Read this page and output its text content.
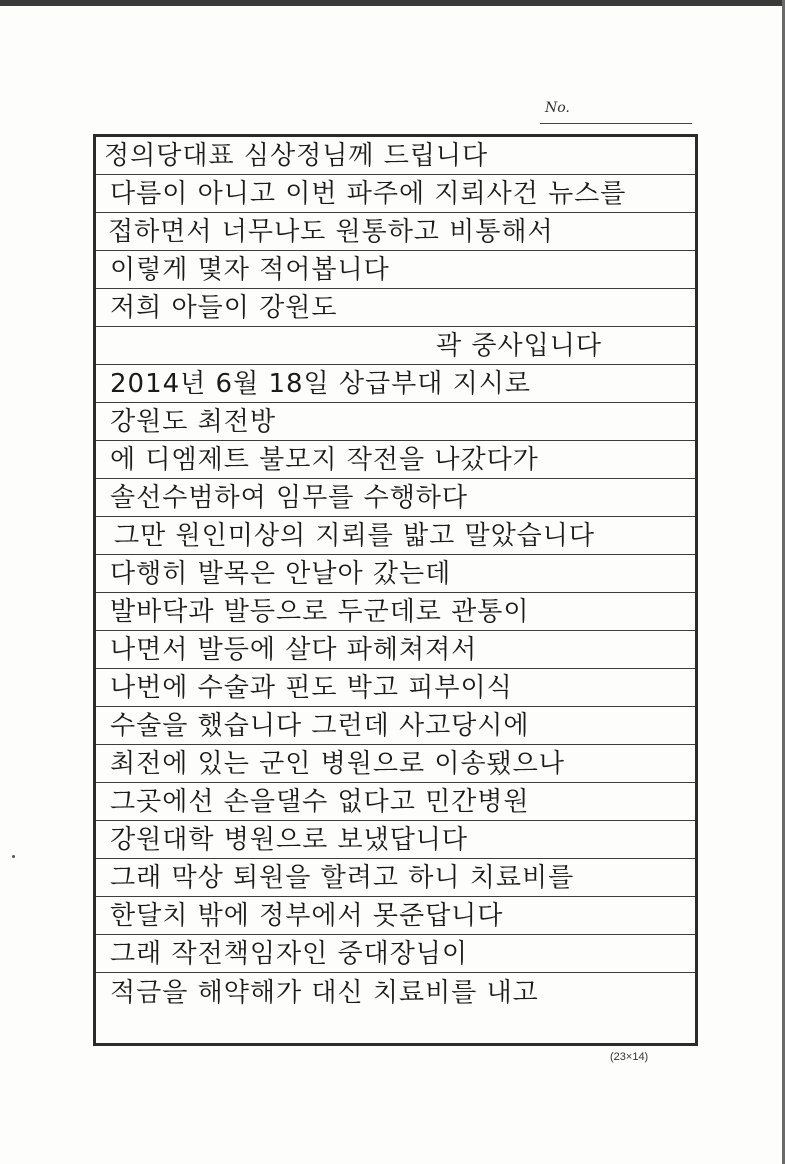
No.
정의당대표 심상정님께 드립니다
다름이 아니고 이번 파주에 지뢰사건 뉴스를
접하면서 너무나도 원통하고 비통해서
이렇게 몇자 적어봅니다
저희 아들이 강원도
곽 중사입니다
2014년 6월 18일 상급부대 지시로
강원도 최전방
에 디엠제트 불모지 작전을 나갔다가
솔선수범하여 임무를 수행하다
그만 원인미상의 지뢰를 밟고 말았습니다
다행히 발목은 안날아 갔는데
발바닥과 발등으로 두군데로 관통이
나면서 발등에 살다 파헤쳐져서
나번에 수술과 핀도 박고 피부이식
수술을 했습니다 그런데 사고당시에
최전에 있는 군인 병원으로 이송됐으나
그곳에선 손을댈수 없다고 민간병원
강원대학 병원으로 보냈답니다
그래 막상 퇴원을 할려고 하니 치료비를
한달치 밖에 정부에서 못준답니다
그래 작전책임자인 중대장님이
적금을 해약해가 대신 치료비를 내고
(23×14)
